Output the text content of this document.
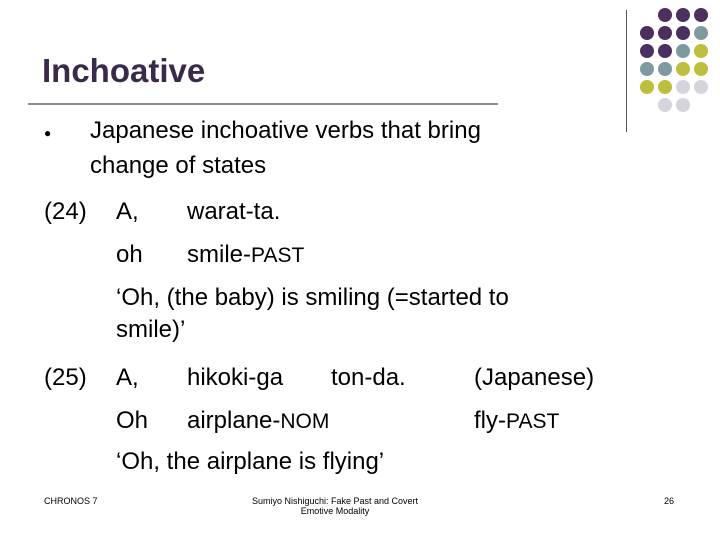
Inchoative
● Japanese inchoative verbs that bring
change of states
(24) A, warat-ta.
oh smile-PAST
‘Oh, (the baby) is smiling (=started to
smile)’
(25) A, hikoki-ga ton-da.	(Japanese)
Oh airplane-NOM	fly-PAST
‘Oh, the airplane is flying’
CHRONOS 7	Sumiyo Nishiguchi: Fake Past and Covert
Emotive Modality
26
